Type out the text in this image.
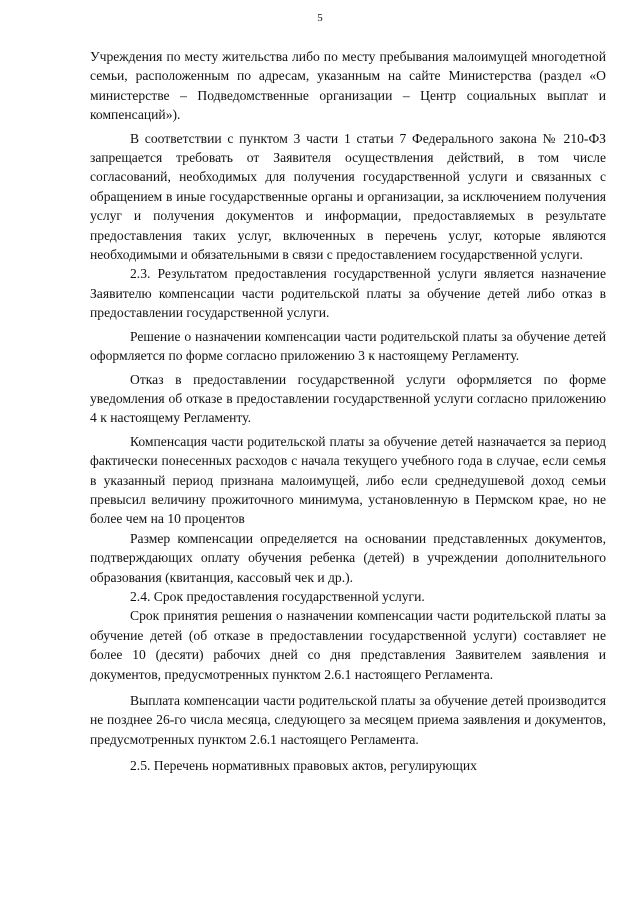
5

Учреждения по месту жительства либо по месту пребывания малоимущей многодетной семьи, расположенным по адресам, указанным на сайте Министерства (раздел «О министерстве – Подведомственные организации – Центр социальных выплат и компенсаций»).

В соответствии с пунктом 3 части 1 статьи 7 Федерального закона № 210-ФЗ запрещается требовать от Заявителя осуществления действий, в том числе согласований, необходимых для получения государственной услуги и связанных с обращением в иные государственные органы и организации, за исключением получения услуг и получения документов и информации, предоставляемых в результате предоставления таких услуг, включенных в перечень услуг, которые являются необходимыми и обязательными в связи с предоставлением государственной услуги.

2.3. Результатом предоставления государственной услуги является назначение Заявителю компенсации части родительской платы за обучение детей либо отказ в предоставлении государственной услуги.

Решение о назначении компенсации части родительской платы за обучение детей оформляется по форме согласно приложению 3 к настоящему Регламенту.

Отказ в предоставлении государственной услуги оформляется по форме уведомления об отказе в предоставлении государственной услуги согласно приложению 4 к настоящему Регламенту.

Компенсация части родительской платы за обучение детей назначается за период фактически понесенных расходов с начала текущего учебного года в случае, если семья в указанный период признана малоимущей, либо если среднедушевой доход семьи превысил величину прожиточного минимума, установленную в Пермском крае, но не более чем на 10 процентов

Размер компенсации определяется на основании представленных документов, подтверждающих оплату обучения ребенка (детей) в учреждении дополнительного образования (квитанция, кассовый чек и др.).

2.4. Срок предоставления государственной услуги.

Срок принятия решения о назначении компенсации части родительской платы за обучение детей (об отказе в предоставлении государственной услуги) составляет не более 10 (десяти) рабочих дней со дня представления Заявителем заявления и документов, предусмотренных пунктом 2.6.1 настоящего Регламента.

Выплата компенсации части родительской платы за обучение детей производится не позднее 26-го числа месяца, следующего за месяцем приема заявления и документов, предусмотренных пунктом 2.6.1 настоящего Регламента.

2.5. Перечень нормативных правовых актов, регулирующих
